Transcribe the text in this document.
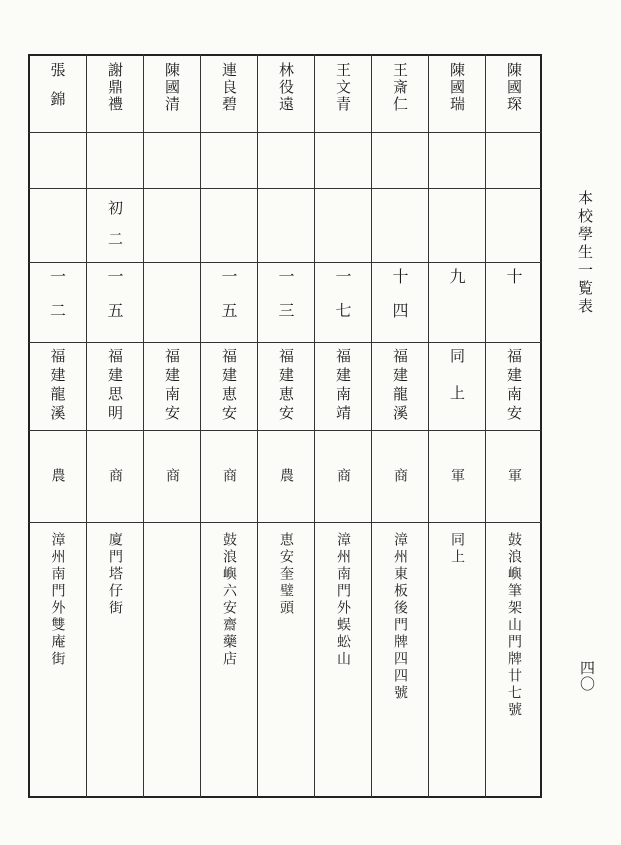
陳國琛
十
福建南安
軍
鼓浪嶼筆架山門牌廿七號
陳國瑞
九
同上
軍
同上
王斎仁
十四
福建龍溪
商
漳州東板後門牌四四號
王文青
一七
福建南靖
商
漳州南門外蜈蚣山
林役遠
一三
福建恵安
農
恵安奎璧頭
連良碧
一五
福建恵安
商
鼓浪嶼六安齋藥店
陳國清
福建南安
商
謝鼎禮
初二
一五
福建思明
商
廈門塔仔街
張錦
一二
福建龍溪
農
漳州南門外雙庵街
本校學生一覧表
四〇
